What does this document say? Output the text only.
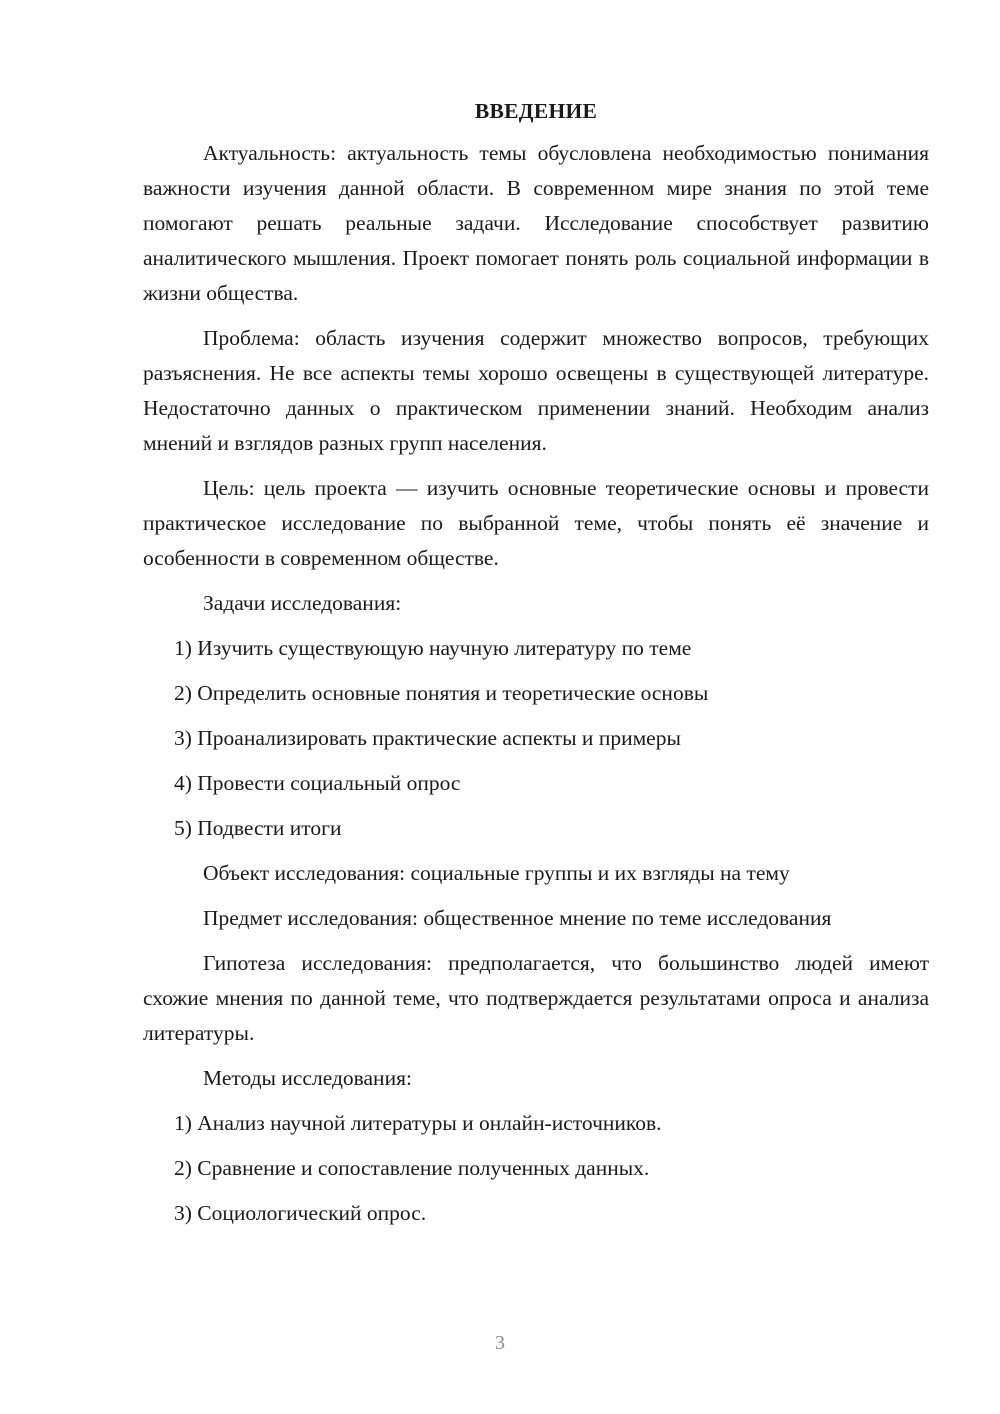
ВВЕДЕНИЕ
Актуальность: актуальность темы обусловлена необходимостью понимания важности изучения данной области. В современном мире знания по этой теме помогают решать реальные задачи. Исследование способствует развитию аналитического мышления. Проект помогает понять роль социальной информации в жизни общества.
Проблема: область изучения содержит множество вопросов, требующих разъяснения. Не все аспекты темы хорошо освещены в существующей литературе. Недостаточно данных о практическом применении знаний. Необходим анализ мнений и взглядов разных групп населения.
Цель: цель проекта — изучить основные теоретические основы и провести практическое исследование по выбранной теме, чтобы понять её значение и особенности в современном обществе.
Задачи исследования:
1) Изучить существующую научную литературу по теме
2) Определить основные понятия и теоретические основы
3) Проанализировать практические аспекты и примеры
4) Провести социальный опрос
5) Подвести итоги
Объект исследования: социальные группы и их взгляды на тему
Предмет исследования: общественное мнение по теме исследования
Гипотеза исследования: предполагается, что большинство людей имеют схожие мнения по данной теме, что подтверждается результатами опроса и анализа литературы.
Методы исследования:
1) Анализ научной литературы и онлайн-источников.
2) Сравнение и сопоставление полученных данных.
3) Социологический опрос.
3
